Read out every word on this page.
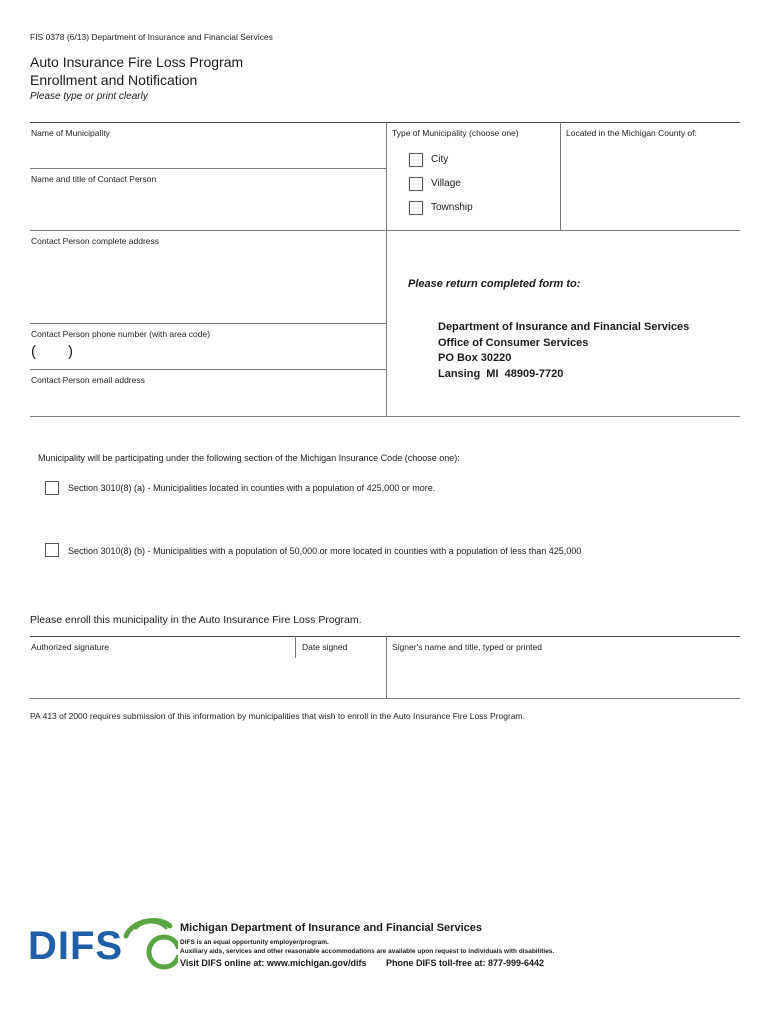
FIS 0378 (6/13) Department of Insurance and Financial Services
Auto Insurance Fire Loss Program
Enrollment and Notification
Please type or print clearly
Name of Municipality	Type of Municipality (choose one)	Located in the Michigan County of:
City
Village
Township
Name and title of Contact Person
Contact Person complete address
Contact Person phone number (with area code)
( )
Contact Person email address
Please return completed form to:
Department of Insurance and Financial Services
Office of Consumer Services
PO Box 30220
Lansing  MI  48909-7720
Municipality will be participating under the following section of the Michigan Insurance Code (choose one):
Section 3010(8) (a) - Municipalities located in counties with a population of 425,000 or more.
Section 3010(8) (b) - Municipalities with a population of 50,000 or more located in counties with a population of less than 425,000
Please enroll this municipality in the Auto Insurance Fire Loss Program.
Authorized signature	Date signed	Signer's name and title, typed or printed
PA 413 of 2000 requires submission of this information by municipalities that wish to enroll in the Auto Insurance Fire Loss Program.
DIFS	Michigan Department of Insurance and Financial Services
DIFS is an equal opportunity employer/program.
Auxiliary aids, services and other reasonable accommodations are available upon request to individuals with disabilities.
Visit DIFS online at: www.michigan.gov/difs Phone DIFS toll-free at: 877-999-6442
